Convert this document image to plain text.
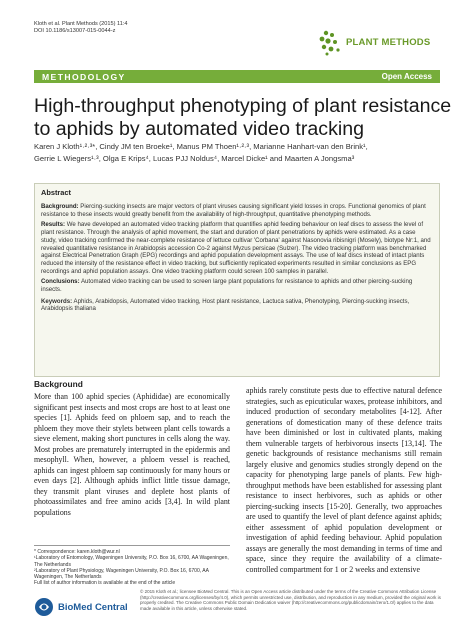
Kloth et al. Plant Methods (2015) 11:4
DOI 10.1186/s13007-015-0044-z
PLANT METHODS
METHODOLOGY	Open Access
High-throughput phenotyping of plant resistance
to aphids by automated video tracking
Karen J Kloth¹·²·³*, Cindy JM ten Broeke¹, Manus PM Thoen¹·²·³, Marianne Hanhart-van den Brink¹,
Gerrie L Wiegers¹·³, Olga E Krips⁴, Lucas PJJ Noldus⁴, Marcel Dicke¹ and Maarten A Jongsma³
Abstract

Background: Piercing-sucking insects are major vectors of plant viruses causing significant yield losses in crops. Functional genomics of plant resistance to these insects would greatly benefit from the availability of high-throughput, quantitative phenotyping methods.

Results: We have developed an automated video tracking platform that quantifies aphid feeding behaviour on leaf discs to assess the level of plant resistance. Through the analysis of aphid movement, the start and duration of plant penetrations by aphids were estimated. As a case study, video tracking confirmed the near-complete resistance of lettuce cultivar 'Corbana' against Nasonovia ribisnigri (Mosely), biotype Nr:1, and revealed quantitative resistance in Arabidopsis accession Co-2 against Myzus persicae (Sulzer). The video tracking platform was benchmarked against Electrical Penetration Graph (EPG) recordings and aphid population development assays. The use of leaf discs instead of intact plants reduced the intensity of the resistance effect in video tracking, but sufficiently replicated experiments resulted in similar conclusions as EPG recordings and aphid population assays. One video tracking platform could screen 100 samples in parallel.

Conclusions: Automated video tracking can be used to screen large plant populations for resistance to aphids and other piercing-sucking insects.

Keywords: Aphids, Arabidopsis, Automated video tracking, Host plant resistance, Lactuca sativa, Phenotyping, Piercing-sucking insects, Arabidopsis thaliana

Background

More than 100 aphid species (Aphididae) are economically significant pest insects and most crops are host to at least one species [1]. Aphids feed on phloem sap, and to reach the phloem they move their stylets between plant cells towards a sieve element, making short punctures in cells along the way. Most probes are prematurely interrupted in the epidermis and mesophyll. When, however, a phloem vessel is reached, aphids can ingest phloem sap continuously for many hours or even days [2]. Although aphids inflict little tissue damage, they transmit plant viruses and deplete host plants of photoassimilates and free amino acids [3,4]. In wild plant populations

aphids rarely constitute pests due to effective natural defence strategies, such as epicuticular waxes, protease inhibitors, and induced production of secondary metabolites [4-12]. After generations of domestication many of these defence traits have been diminished or lost in cultivated plants, making them vulnerable targets of herbivorous insects [13,14]. The genetic backgrounds of resistance mechanisms still remain largely elusive and genomics studies strongly depend on the capacity for phenotyping large panels of plants. Few high-throughput methods have been established for assessing plant resistance to insect herbivores, such as aphids or other piercing-sucking insects [15-20]. Generally, two approaches are used to quantify the level of plant defence against aphids; either assessment of aphid population development or investigation of aphid feeding behaviour. Aphid population assays are generally the most demanding in terms of time and space, since they require the availability of a climate-controlled compartment for 1 or 2 weeks and extensive

* Correspondence: karen.kloth@wur.nl
¹Laboratory of Entomology, Wageningen University, P.O. Box 16, 6700, AA Wageningen, The Netherlands
²Laboratory of Plant Physiology, Wageningen University, P.O. Box 16, 6700, AA Wageningen, The Netherlands
Full list of author information is available at the end of the article
BioMed Central
© 2015 Kloth et al.; licensee BioMed Central. This is an Open Access article distributed under the terms of the Creative Commons Attribution License (http://creativecommons.org/licenses/by/4.0), which permits unrestricted use, distribution, and reproduction in any medium, provided the original work is properly credited. The Creative Commons Public Domain Dedication waiver (http://creativecommons.org/publicdomain/zero/1.0/) applies to the data made available in this article, unless otherwise stated.
